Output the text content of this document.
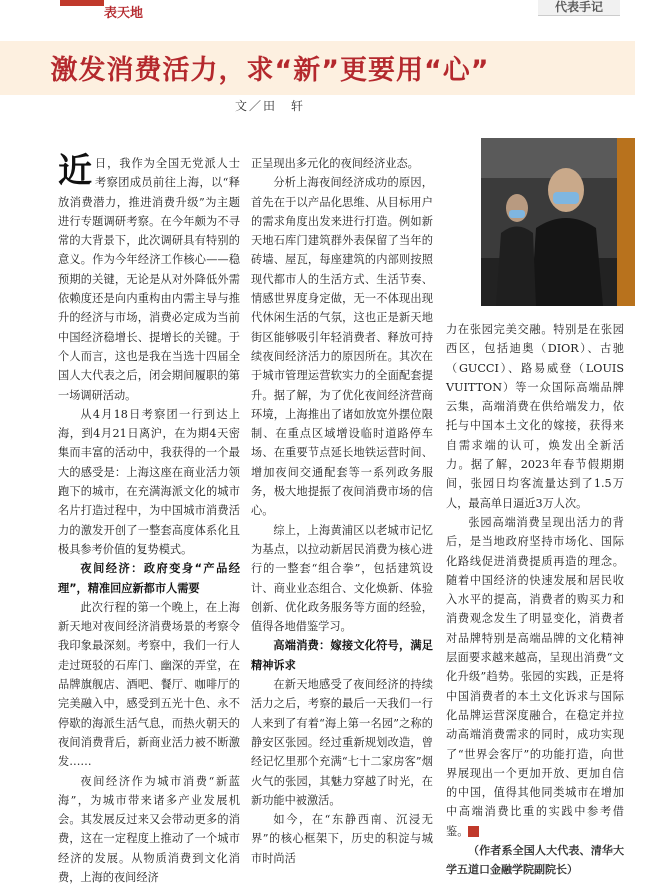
表天地	代表手记
激发消费活力，求“新”更要用“心”
文／田　轩

近日，我作为全国无党派人士考察团成员前往上海，以“释放消费潜力，推进消费升级”为主题进行专题调研考察。在今年颇为不寻常的大背景下，此次调研具有特别的意义。作为今年经济工作核心——稳预期的关键，无论是从对外降低外需依赖度还是向内重构由内需主导与推升的经济与市场，消费必定成为当前中国经济稳增长、提增长的关键。于个人而言，这也是我在当选十四届全国人大代表之后，闭会期间履职的第一场调研活动。

从4月18日考察团一行到达上海，到4月21日离沪，在为期4天密集而丰富的活动中，我获得的一个最大的感受是：上海这座在商业活力领跑下的城市，在充满海派文化的城市名片打造过程中，为中国城市消费活力的激发开创了一整套高度体系化且极具参考价值的复势模式。

夜间经济：政府变身“产品经理”，精准回应新都市人需要

此次行程的第一个晚上，在上海新天地对夜间经济消费场景的考察令我印象最深刻。考察中，我们一行人走过斑驳的石库门、幽深的弄堂，在品牌旗舰店、酒吧、餐厅、咖啡厅的完美融入中，感受到五光十色、永不停歇的海派生活气息，而热火朝天的夜间消费背后，新商业活力被不断激发……

夜间经济作为城市消费“新蓝海”，为城市带来诸多产业发展机会。其发展反过来又会带动更多的消费，这在一定程度上推动了一个城市经济的发展。从物质消费到文化消费，上海的夜间经济

正呈现出多元化的夜间经济业态。

分析上海夜间经济成功的原因，首先在于以产品化思维、从目标用户的需求角度出发来进行打造。例如新天地石库门建筑群外表保留了当年的砖墙、屋瓦，每座建筑的内部则按照现代都市人的生活方式、生活节奏、情感世界度身定做，无一不体现出现代休闲生活的气氛，这也正是新天地街区能够吸引年轻消费者、释放可持续夜间经济活力的原因所在。其次在于城市管理运营软实力的全面配套提升。据了解，为了优化夜间经济营商环境，上海推出了诸如放宽外摆位限制、在重点区域增设临时道路停车场、在重要节点延长地铁运营时间、增加夜间交通配套等一系列政务服务，极大地提振了夜间消费市场的信心。

综上，上海黄浦区以老城市记忆为基点，以拉动新居民消费为核心进行的一整套“组合拳”，包括建筑设计、商业业态组合、文化焕新、体验创新、优化政务服务等方面的经验，值得各地借鉴学习。

高端消费：嫁接文化符号，满足精神诉求

在新天地感受了夜间经济的持续活力之后，考察的最后一天我们一行人来到了有着“海上第一名园”之称的静安区张园。经过重新规划改造，曾经记忆里那个充满“七十二家房客”烟火气的张园，其魅力穿越了时光，在新功能中被激活。

如今，在“东静西南、沉浸无界”的核心框架下，历史的积淀与城市时尚活

力在张园完美交融。特别是在张园西区，包括迪奥（DIOR）、古驰（GUCCI）、路易威登（LOUIS　VUITTON）等一众国际高端品牌云集，高端消费在供给端发力，依托与中国本土文化的嫁接，获得来自需求端的认可，焕发出全新活力。据了解，2023年春节假期期间，张园日均客流量达到了1.5万人，最高单日逼近3万人次。

张园高端消费呈现出活力的背后，是当地政府坚持市场化、国际化路线促进消费提质再造的理念。随着中国经济的快速发展和居民收入水平的提高，消费者的购买力和消费观念发生了明显变化，消费者对品牌特别是高端品牌的文化精神层面要求越来越高，呈现出消费“文化升级”趋势。张园的实践，正是将中国消费者的本土文化诉求与国际化品牌运营深度融合，在稳定并拉动高端消费需求的同时，成功实现了“世界会客厅”的功能打造，向世界展现出一个更加开放、更加自信的中国，值得其他同类城市在增加中高端消费比重的实践中参考借鉴。	人

（作者系全国人大代表、清华大学五道口金融学院副院长）
